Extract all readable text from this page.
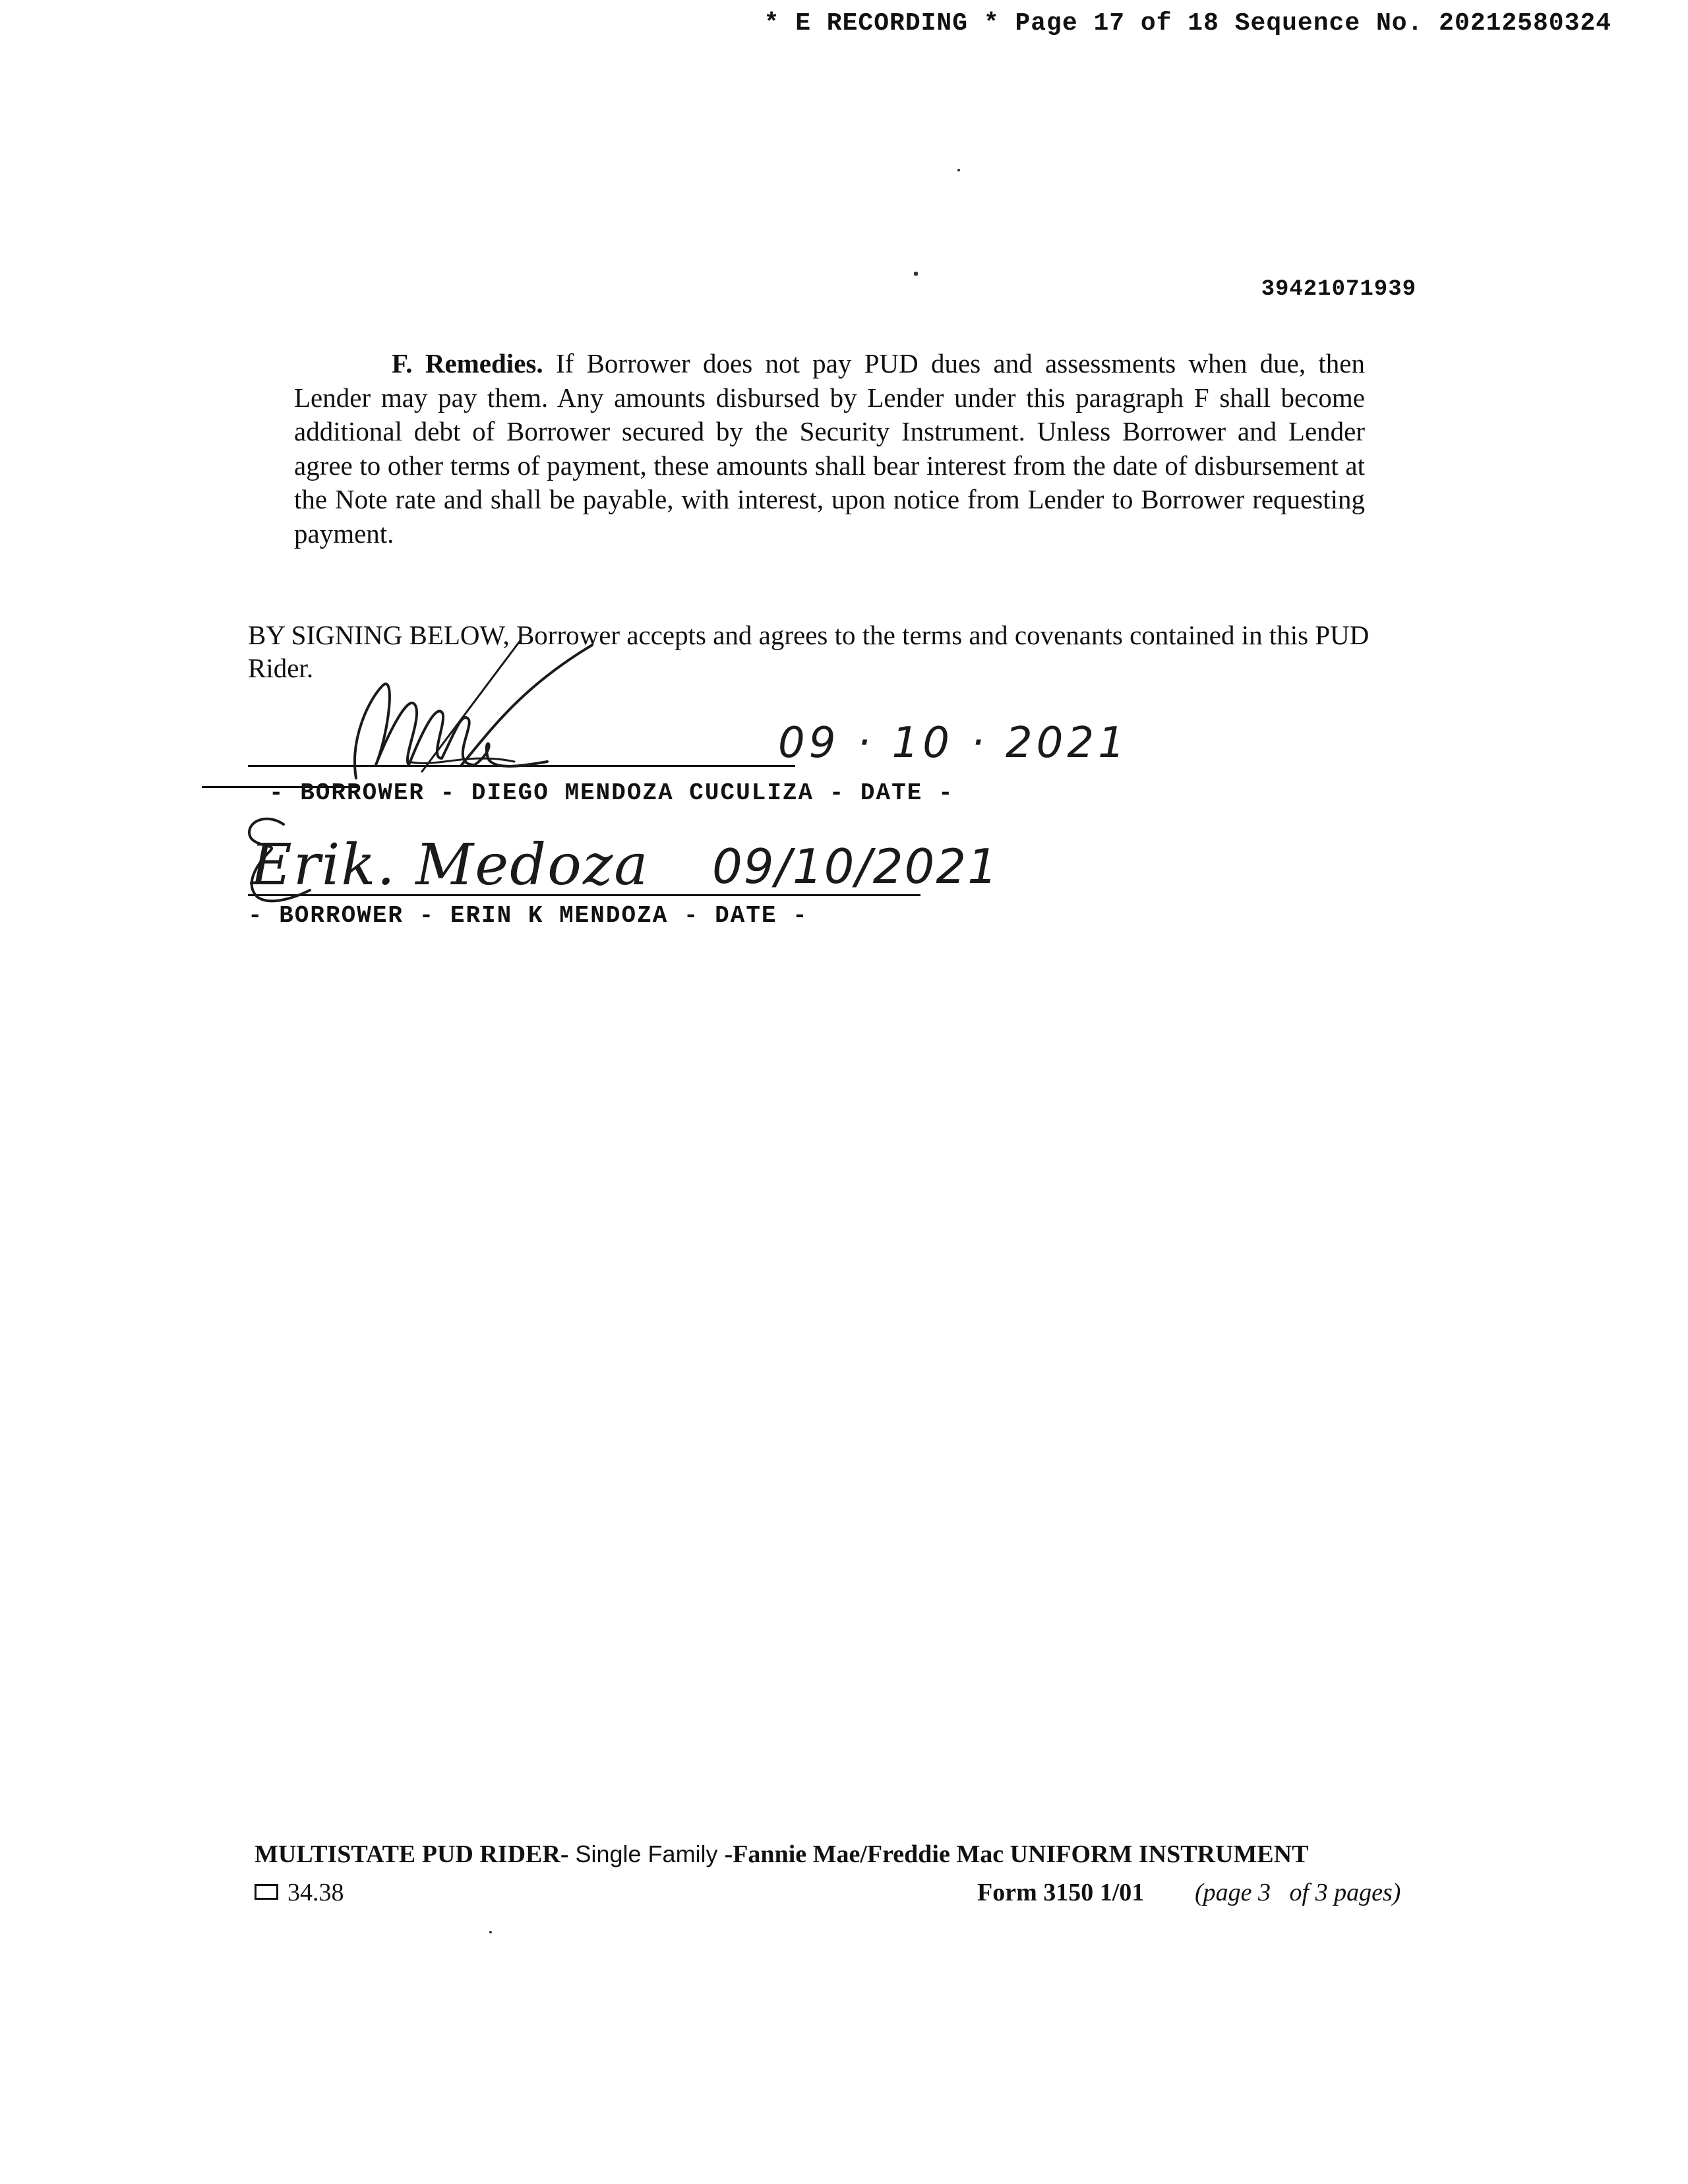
* E RECORDING * Page 17 of 18 Sequence No. 20212580324
39421071939
F. Remedies. If Borrower does not pay PUD dues and assessments when due, then Lender may pay them. Any amounts disbursed by Lender under this paragraph F shall become additional debt of Borrower secured by the Security Instrument. Unless Borrower and Lender agree to other terms of payment, these amounts shall bear interest from the date of disbursement at the Note rate and shall be payable, with interest, upon notice from Lender to Borrower requesting payment.
BY SIGNING BELOW, Borrower accepts and agrees to the terms and covenants contained in this PUD Rider.
- BORROWER - DIEGO MENDOZA CUCULIZA - DATE -
09 · 10 · 2021
- BORROWER - ERIN K MENDOZA - DATE -
Erik. Medoza 09/10/2021
MULTISTATE PUD RIDER- Single Family -Fannie Mae/Freddie Mac UNIFORM INSTRUMENT
34.38	Form 3150 1/01 (page 3   of 3 pages)
